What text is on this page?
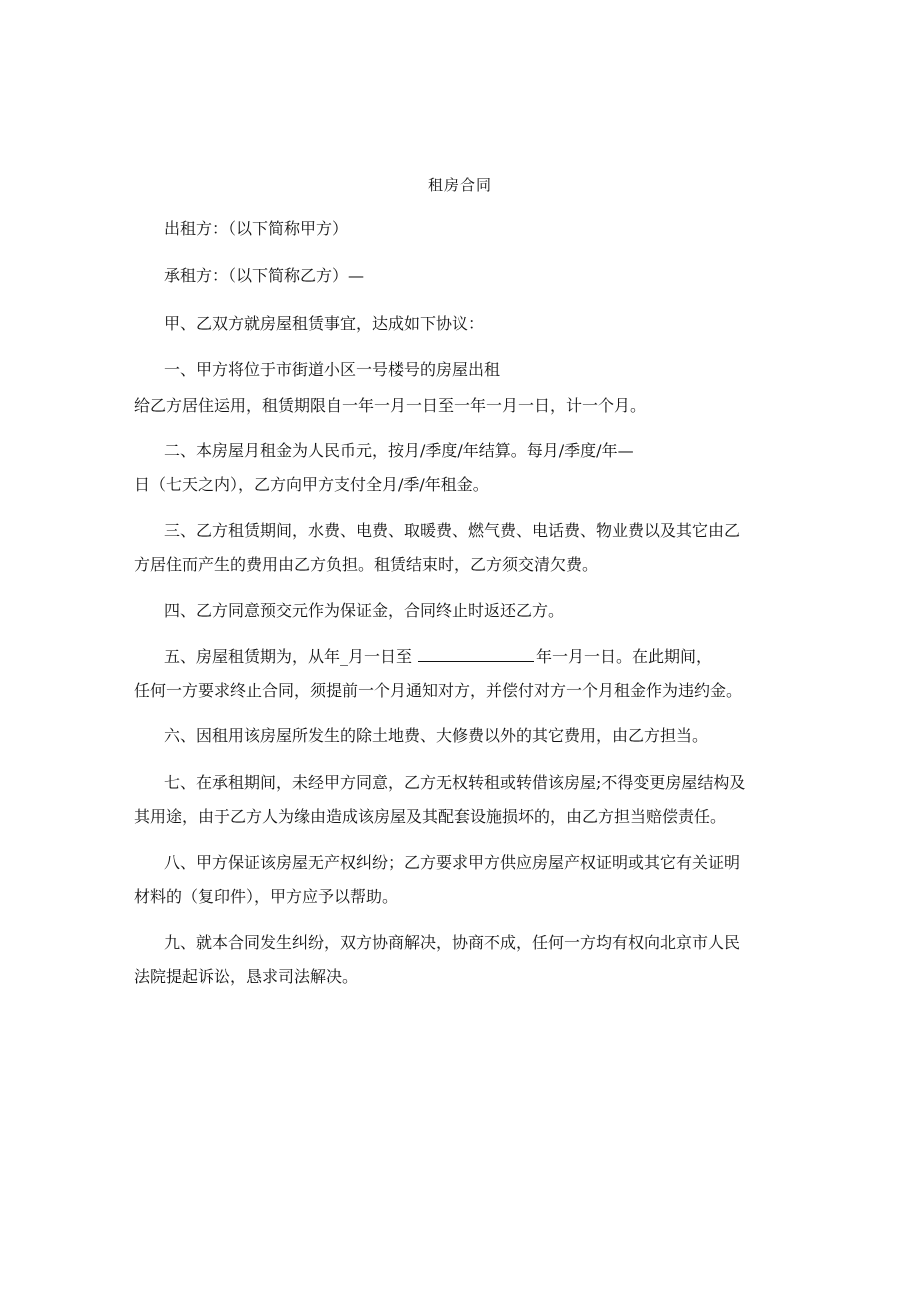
租房合同
出租方：（以下简称甲方）
承租方：（以下简称乙方）—
甲、乙双方就房屋租赁事宜，达成如下协议：
一、甲方将位于市街道小区一号楼号的房屋出租
给乙方居住运用，租赁期限自一年一月一日至一年一月一日，计一个月。
二、本房屋月租金为人民币元，按月/季度/年结算。每月/季度/年—
日（七天之内），乙方向甲方支付全月/季/年租金。
三、乙方租赁期间，水费、电费、取暖费、燃气费、电话费、物业费以及其它由乙
方居住而产生的费用由乙方负担。租赁结束时，乙方须交清欠费。
四、乙方同意预交元作为保证金，合同终止时返还乙方。
五、房屋租赁期为，从年_月一日至	年一月一日。在此期间，
任何一方要求终止合同，须提前一个月通知对方，并偿付对方一个月租金作为违约金。
六、因租用该房屋所发生的除土地费、大修费以外的其它费用，由乙方担当。
七、在承租期间，未经甲方同意，乙方无权转租或转借该房屋;不得变更房屋结构及
其用途，由于乙方人为缘由造成该房屋及其配套设施损坏的，由乙方担当赔偿责任。
八、甲方保证该房屋无产权纠纷；乙方要求甲方供应房屋产权证明或其它有关证明
材料的（复印件），甲方应予以帮助。
九、就本合同发生纠纷，双方协商解决，协商不成，任何一方均有权向北京市人民
法院提起诉讼，恳求司法解决。
